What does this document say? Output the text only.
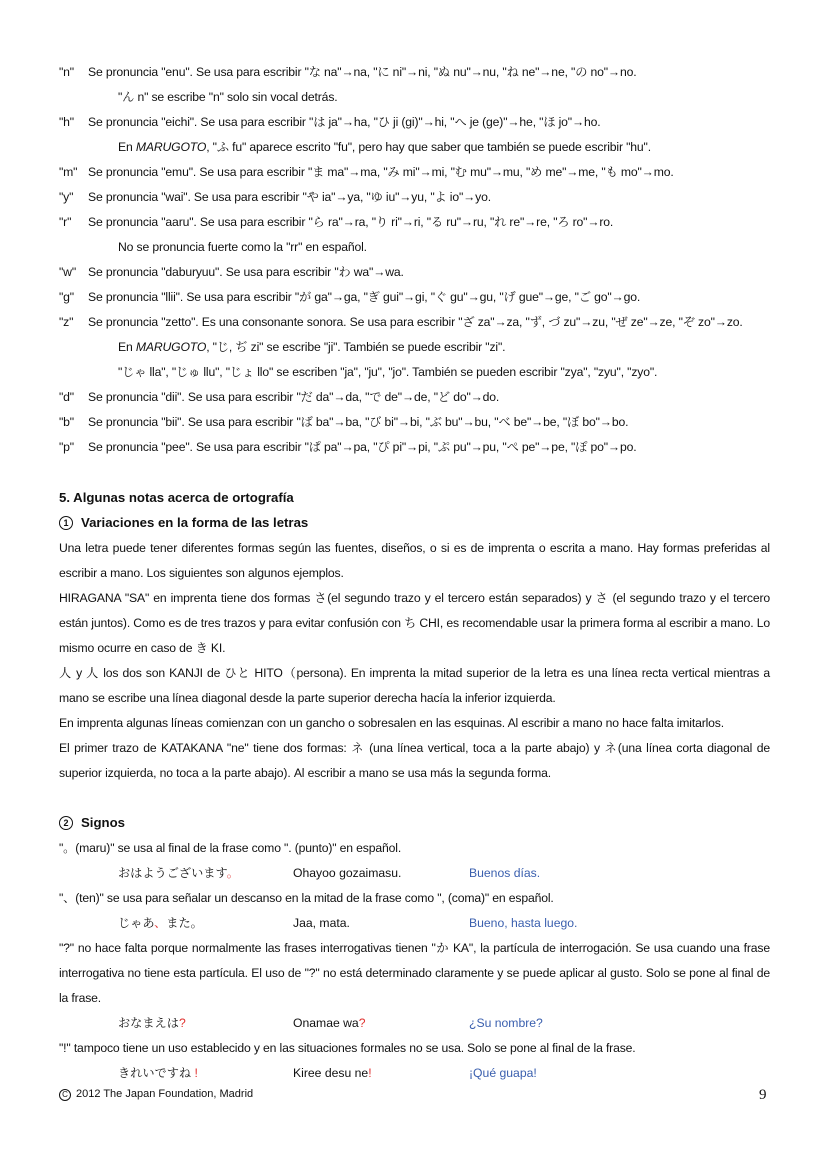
"n" Se pronuncia "enu". Se usa para escribir "な na"→na, "に ni"→ni, "ぬ nu"→nu, "ね ne"→ne, "の no"→no.
"ん n" se escribe "n" solo sin vocal detrás.
"h" Se pronuncia "eichi". Se usa para escribir "は ja"→ha, "ひ ji (gi)"→hi, "へ je (ge)"→he, "ほ jo"→ho.
En MARUGOTO, "ふ fu" aparece escrito "fu", pero hay que saber que también se puede escribir "hu".
"m" Se pronuncia "emu". Se usa para escribir "ま ma"→ma, "み mi"→mi, "む mu"→mu, "め me"→me, "も mo"→mo.
"y" Se pronuncia "wai". Se usa para escribir "や ia"→ya, "ゆ iu"→yu, "よ io"→yo.
"r" Se pronuncia "aaru". Se usa para escribir "ら ra"→ra, "り ri"→ri, "る ru"→ru, "れ re"→re, "ろ ro"→ro.
No se pronuncia fuerte como la "rr" en español.
"w" Se pronuncia "daburyuu". Se usa para escribir "わ wa"→wa.
"g" Se pronuncia "llii". Se usa para escribir "が ga"→ga, "ぎ gui"→gi, "ぐ gu"→gu, "げ gue"→ge, "ご go"→go.
"z" Se pronuncia "zetto". Es una consonante sonora. Se usa para escribir "ざ za"→za, "ず, づ zu"→zu, "ぜ ze"→ze, "ぞ zo"→zo.
En MARUGOTO, "じ, ぢ zi" se escribe "ji". También se puede escribir "zi".
"じゃ lla", "じゅ llu", "じょ llo" se escriben "ja", "ju", "jo". También se pueden escribir "zya", "zyu", "zyo".
"d" Se pronuncia "dii". Se usa para escribir "だ da"→da, "で de"→de, "ど do"→do.
"b" Se pronuncia "bii". Se usa para escribir "ば ba"→ba, "び bi"→bi, "ぶ bu"→bu, "べ be"→be, "ぼ bo"→bo.
"p" Se pronuncia "pee". Se usa para escribir "ぱ pa"→pa, "ぴ pi"→pi, "ぷ pu"→pu, "ぺ pe"→pe, "ぽ po"→po.
5. Algunas notas acerca de ortografía
1 Variaciones en la forma de las letras
Una letra puede tener diferentes formas según las fuentes, diseños, o si es de imprenta o escrita a mano. Hay formas preferidas al escribir a mano. Los siguientes son algunos ejemplos.
HIRAGANA "SA" en imprenta tiene dos formas さ(el segundo trazo y el tercero están separados) y さ (el segundo trazo y el tercero están juntos). Como es de tres trazos y para evitar confusión con ち CHI, es recomendable usar la primera forma al escribir a mano. Lo mismo ocurre en caso de き KI.
人 y 人 los dos son KANJI de ひと HITO（persona). En imprenta la mitad superior de la letra es una línea recta vertical mientras a mano se escribe una línea diagonal desde la parte superior derecha hacía la inferior izquierda.
En imprenta algunas líneas comienzan con un gancho o sobresalen en las esquinas. Al escribir a mano no hace falta imitarlos.
El primer trazo de KATAKANA "ne" tiene dos formas: ネ (una línea vertical, toca a la parte abajo) y ネ(una línea corta diagonal de superior izquierda, no toca a la parte abajo). Al escribir a mano se usa más la segunda forma.
2 Signos
"。(maru)" se usa al final de la frase como ". (punto)" en español.
おはようございます。	Ohayoo gozaimasu.	Buenos días.
"、(ten)" se usa para señalar un descanso en la mitad de la frase como ", (coma)" en español.
じゃあ、また。	Jaa, mata.	Bueno, hasta luego.
"?" no hace falta porque normalmente las frases interrogativas tienen "か KA", la partícula de interrogación. Se usa cuando una frase interrogativa no tiene esta partícula. El uso de "?" no está determinado claramente y se puede aplicar al gusto. Solo se pone al final de la frase.
おなまえは?	Onamae wa?	¿Su nombre?
"!" tampoco tiene un uso establecido y en las situaciones formales no se usa. Solo se pone al final de la frase.
きれいですね !	Kiree desu ne!	¡Qué guapa!
C 2012 The Japan Foundation, Madrid	9
